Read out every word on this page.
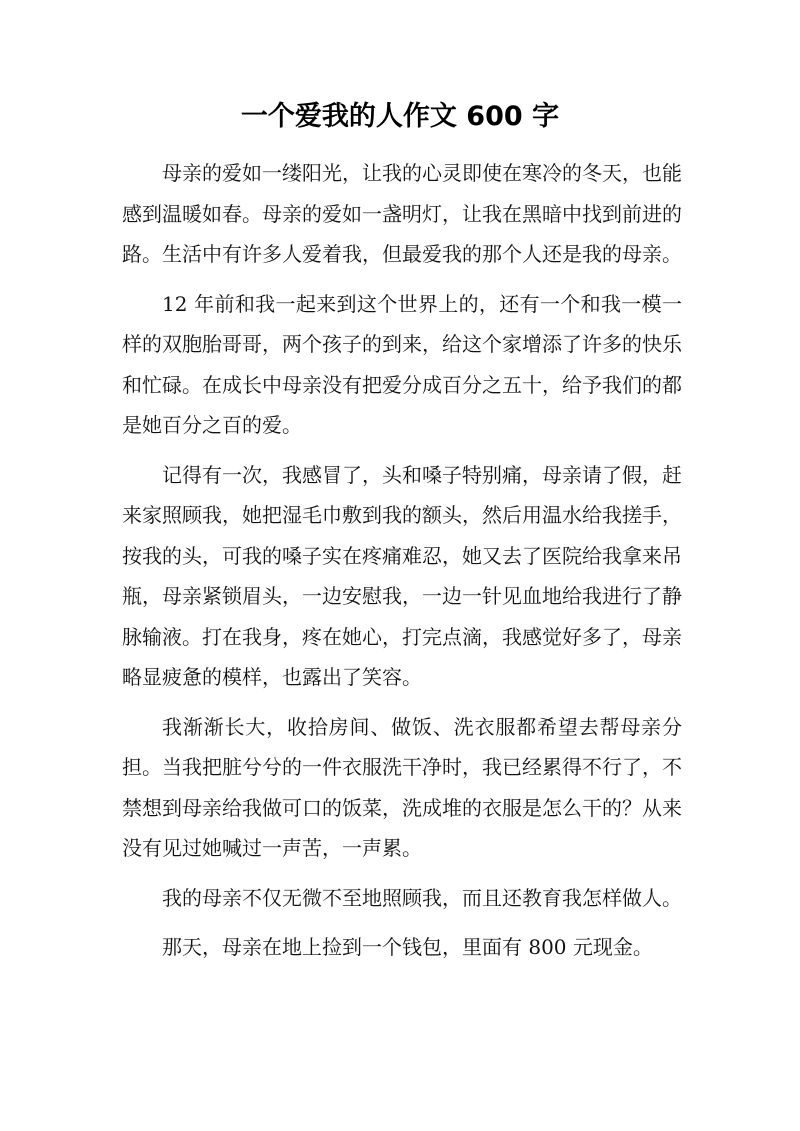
一个爱我的人作文 600 字

母亲的爱如一缕阳光，让我的心灵即使在寒冷的冬天，也能感到温暖如春。母亲的爱如一盏明灯，让我在黑暗中找到前进的路。生活中有许多人爱着我，但最爱我的那个人还是我的母亲。

12 年前和我一起来到这个世界上的，还有一个和我一模一样的双胞胎哥哥，两个孩子的到来，给这个家增添了许多的快乐和忙碌。在成长中母亲没有把爱分成百分之五十，给予我们的都是她百分之百的爱。

记得有一次，我感冒了，头和嗓子特别痛，母亲请了假，赶来家照顾我，她把湿毛巾敷到我的额头，然后用温水给我搓手，按我的头，可我的嗓子实在疼痛难忍，她又去了医院给我拿来吊瓶，母亲紧锁眉头，一边安慰我，一边一针见血地给我进行了静脉输液。打在我身，疼在她心，打完点滴，我感觉好多了，母亲略显疲惫的模样，也露出了笑容。

我渐渐长大，收拾房间、做饭、洗衣服都希望去帮母亲分担。当我把脏兮兮的一件衣服洗干净时，我已经累得不行了，不禁想到母亲给我做可口的饭菜，洗成堆的衣服是怎么干的？从来没有见过她喊过一声苦，一声累。

我的母亲不仅无微不至地照顾我，而且还教育我怎样做人。

那天，母亲在地上捡到一个钱包，里面有 800 元现金。
